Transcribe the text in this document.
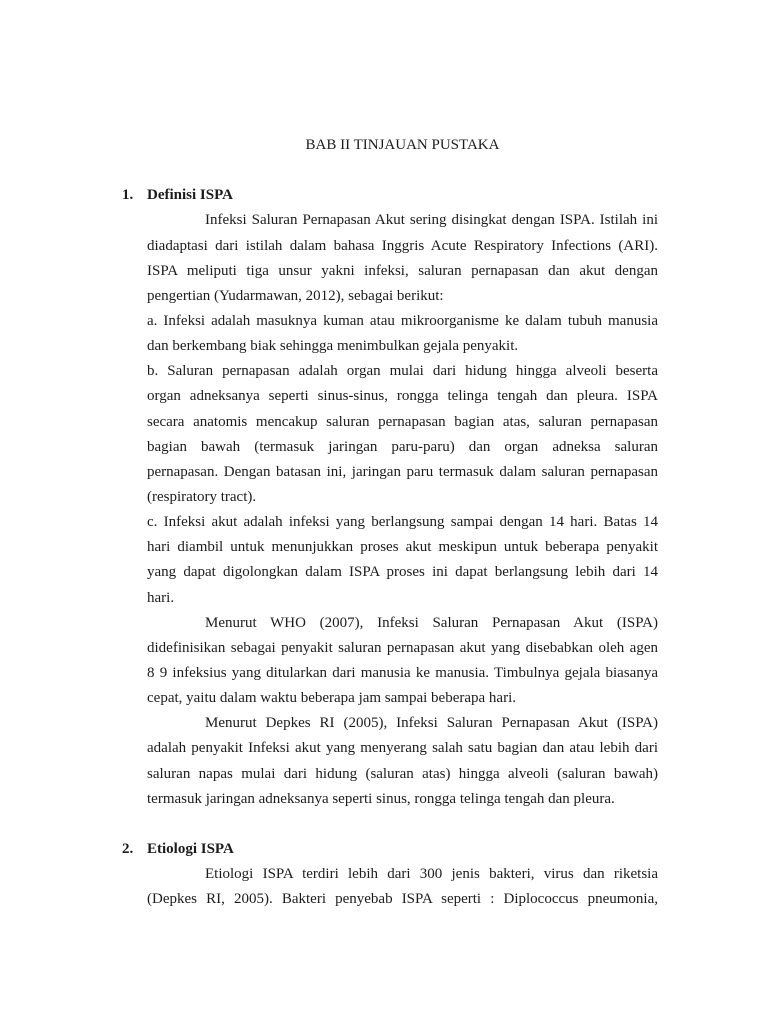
BAB II TINJAUAN PUSTAKA
1. Definisi ISPA
Infeksi Saluran Pernapasan Akut sering disingkat dengan ISPA. Istilah ini
diadaptasi dari istilah dalam bahasa Inggris Acute Respiratory Infections (ARI).
ISPA meliputi tiga unsur yakni infeksi, saluran pernapasan dan akut dengan
pengertian (Yudarmawan, 2012), sebagai berikut:
a. Infeksi adalah masuknya kuman atau mikroorganisme ke dalam tubuh manusia
dan berkembang biak sehingga menimbulkan gejala penyakit.
b. Saluran pernapasan adalah organ mulai dari hidung hingga alveoli beserta
organ adneksanya seperti sinus-sinus, rongga telinga tengah dan pleura. ISPA
secara anatomis mencakup saluran pernapasan bagian atas, saluran pernapasan
bagian bawah (termasuk jaringan paru-paru) dan organ adneksa saluran
pernapasan. Dengan batasan ini, jaringan paru termasuk dalam saluran pernapasan
(respiratory tract).
c. Infeksi akut adalah infeksi yang berlangsung sampai dengan 14 hari. Batas 14
hari diambil untuk menunjukkan proses akut meskipun untuk beberapa penyakit
yang dapat digolongkan dalam ISPA proses ini dapat berlangsung lebih dari 14
hari.
Menurut WHO (2007), Infeksi Saluran Pernapasan Akut (ISPA)
didefinisikan sebagai penyakit saluran pernapasan akut yang disebabkan oleh agen
8 9 infeksius yang ditularkan dari manusia ke manusia. Timbulnya gejala biasanya
cepat, yaitu dalam waktu beberapa jam sampai beberapa hari.
Menurut Depkes RI (2005), Infeksi Saluran Pernapasan Akut (ISPA)
adalah penyakit Infeksi akut yang menyerang salah satu bagian dan atau lebih dari
saluran napas mulai dari hidung (saluran atas) hingga alveoli (saluran bawah)
termasuk jaringan adneksanya seperti sinus, rongga telinga tengah dan pleura.
2. Etiologi ISPA
Etiologi ISPA terdiri lebih dari 300 jenis bakteri, virus dan riketsia
(Depkes RI, 2005). Bakteri penyebab ISPA seperti : Diplococcus pneumonia,
